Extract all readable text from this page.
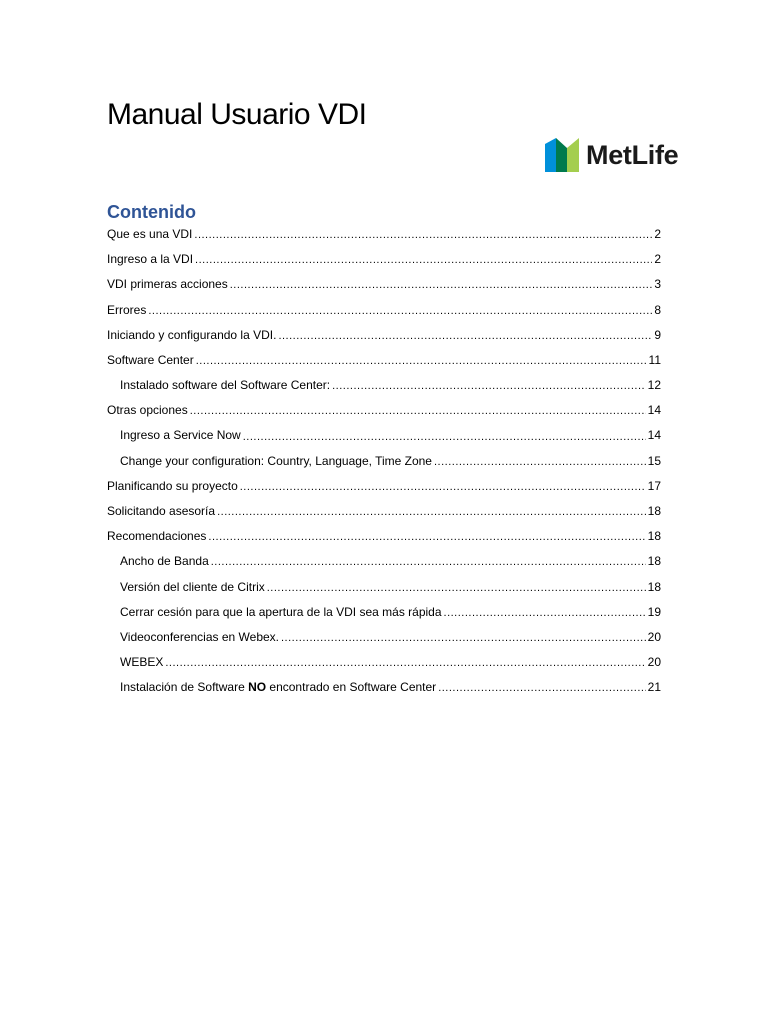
Manual Usuario VDI
MetLife
Contenido
Que es una VDI .....	2
Ingreso a la VDI .....	2
VDI primeras acciones .....	3
Errores .....	8
Iniciando y configurando la VDI. .....	9
Software Center .....	11
Instalado software del Software Center: .....	12
Otras opciones .....	14
Ingreso a Service Now .....	14
Change your configuration: Country, Language, Time Zone .....	15
Planificando su proyecto .....	17
Solicitando asesoría .....	18
Recomendaciones .....	18
Ancho de Banda .....	18
Versión del cliente de Citrix .....	18
Cerrar cesión para que la apertura de la VDI sea más rápida .....	19
Videoconferencias en Webex. .....	20
WEBEX .....	20
Instalación de Software NO encontrado en Software Center .....	21
